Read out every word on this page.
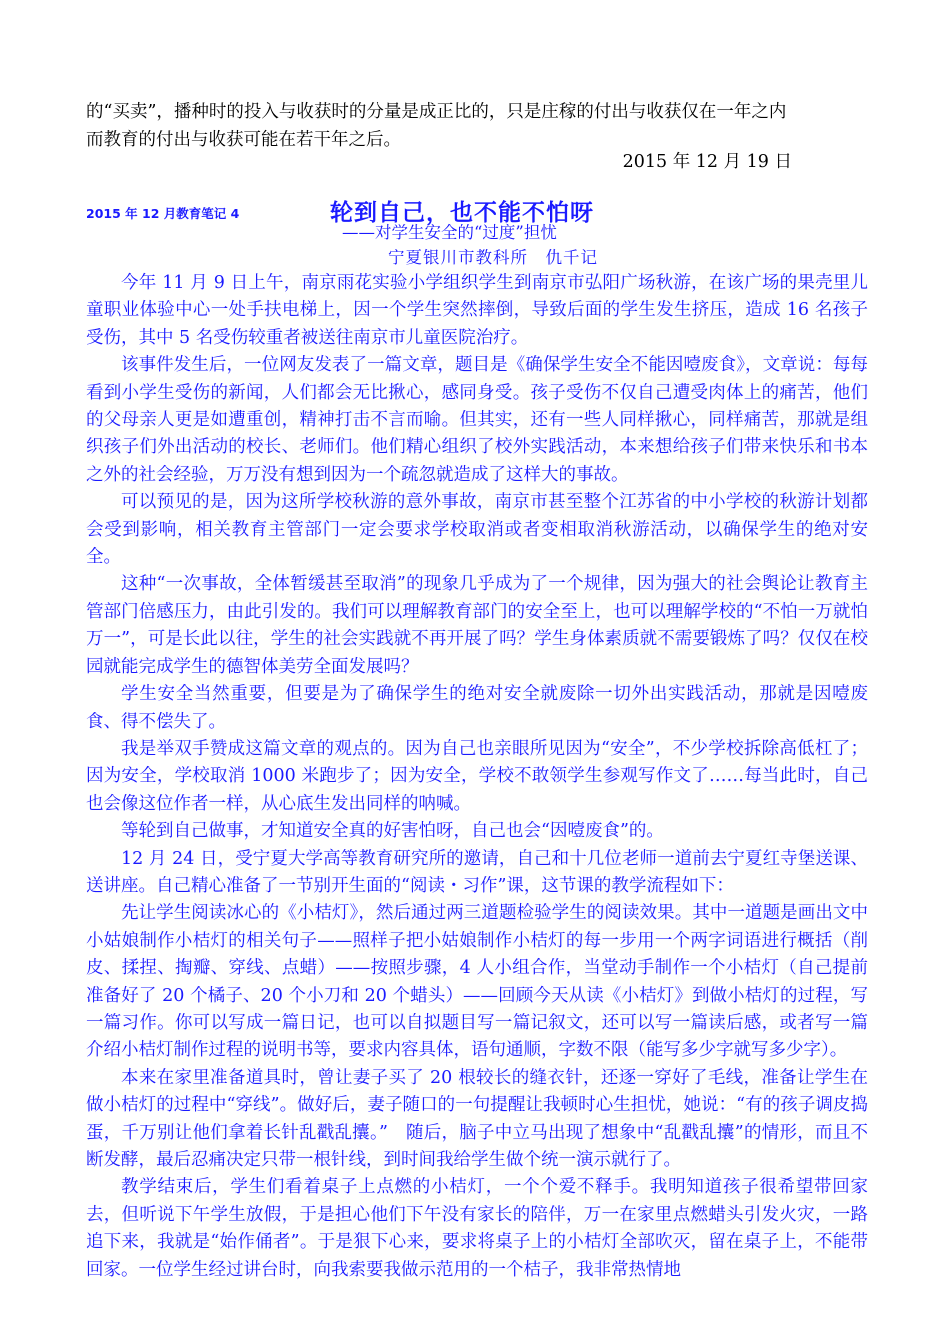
的“买卖”，播种时的投入与收获时的分量是成正比的，只是庄稼的付出与收获仅在一年之内

而教育的付出与收获可能在若干年之后。

2015 年 12 月 19 日
2015 年 12 月教育笔记 4	轮到自己，也不能不怕呀
——对学生安全的“过度”担忧
宁夏银川市教科所　仇千记

今年 11 月 9 日上午，南京雨花实验小学组织学生到南京市弘阳广场秋游，在该广场的果壳里儿童职业体验中心一处手扶电梯上，因一个学生突然摔倒，导致后面的学生发生挤压，造成 16 名孩子受伤，其中 5 名受伤较重者被送往南京市儿童医院治疗。

该事件发生后，一位网友发表了一篇文章，题目是《确保学生安全不能因噎废食》，文章说：每每看到小学生受伤的新闻，人们都会无比揪心，感同身受。孩子受伤不仅自己遭受肉体上的痛苦，他们的父母亲人更是如遭重创，精神打击不言而喻。但其实，还有一些人同样揪心，同样痛苦，那就是组织孩子们外出活动的校长、老师们。他们精心组织了校外实践活动，本来想给孩子们带来快乐和书本之外的社会经验，万万没有想到因为一个疏忽就造成了这样大的事故。

可以预见的是，因为这所学校秋游的意外事故，南京市甚至整个江苏省的中小学校的秋游计划都会受到影响，相关教育主管部门一定会要求学校取消或者变相取消秋游活动，以确保学生的绝对安全。

这种“一次事故，全体暂缓甚至取消”的现象几乎成为了一个规律，因为强大的社会舆论让教育主管部门倍感压力，由此引发的。我们可以理解教育部门的安全至上，也可以理解学校的“不怕一万就怕万一”，可是长此以往，学生的社会实践就不再开展了吗？学生身体素质就不需要锻炼了吗？仅仅在校园就能完成学生的德智体美劳全面发展吗？

学生安全当然重要，但要是为了确保学生的绝对安全就废除一切外出实践活动，那就是因噎废食、得不偿失了。

我是举双手赞成这篇文章的观点的。因为自己也亲眼所见因为“安全”，不少学校拆除高低杠了；因为安全，学校取消 1000 米跑步了；因为安全，学校不敢领学生参观写作文了……每当此时，自己也会像这位作者一样，从心底生发出同样的呐喊。

等轮到自己做事，才知道安全真的好害怕呀，自己也会“因噎废食”的。

12 月 24 日，受宁夏大学高等教育研究所的邀请，自己和十几位老师一道前去宁夏红寺堡送课、送讲座。自己精心准备了一节别开生面的“阅读・习作”课，这节课的教学流程如下：

先让学生阅读冰心的《小桔灯》，然后通过两三道题检验学生的阅读效果。其中一道题是画出文中小姑娘制作小桔灯的相关句子——照样子把小姑娘制作小桔灯的每一步用一个两字词语进行概括（削皮、揉捏、掏瓣、穿线、点蜡）——按照步骤，4 人小组合作，当堂动手制作一个小桔灯（自己提前准备好了 20 个橘子、20 个小刀和 20 个蜡头）——回顾今天从读《小桔灯》到做小桔灯的过程，写一篇习作。你可以写成一篇日记，也可以自拟题目写一篇记叙文，还可以写一篇读后感，或者写一篇介绍小桔灯制作过程的说明书等，要求内容具体，语句通顺，字数不限（能写多少字就写多少字）。

本来在家里准备道具时，曾让妻子买了 20 根较长的缝衣针，还逐一穿好了毛线，准备让学生在做小桔灯的过程中“穿线”。做好后，妻子随口的一句提醒让我顿时心生担忧，她说：“有的孩子调皮捣蛋，千万别让他们拿着长针乱戳乱攮。”　随后，脑子中立马出现了想象中“乱戳乱攮”的情形，而且不断发酵，最后忍痛决定只带一根针线，到时间我给学生做个统一演示就行了。

教学结束后，学生们看着桌子上点燃的小桔灯，一个个爱不释手。我明知道孩子很希望带回家去，但听说下午学生放假，于是担心他们下午没有家长的陪伴，万一在家里点燃蜡头引发火灾，一路追下来，我就是“始作俑者”。于是狠下心来，要求将桌子上的小桔灯全部吹灭，留在桌子上，不能带回家。一位学生经过讲台时，向我索要我做示范用的一个桔子，我非常热情地
